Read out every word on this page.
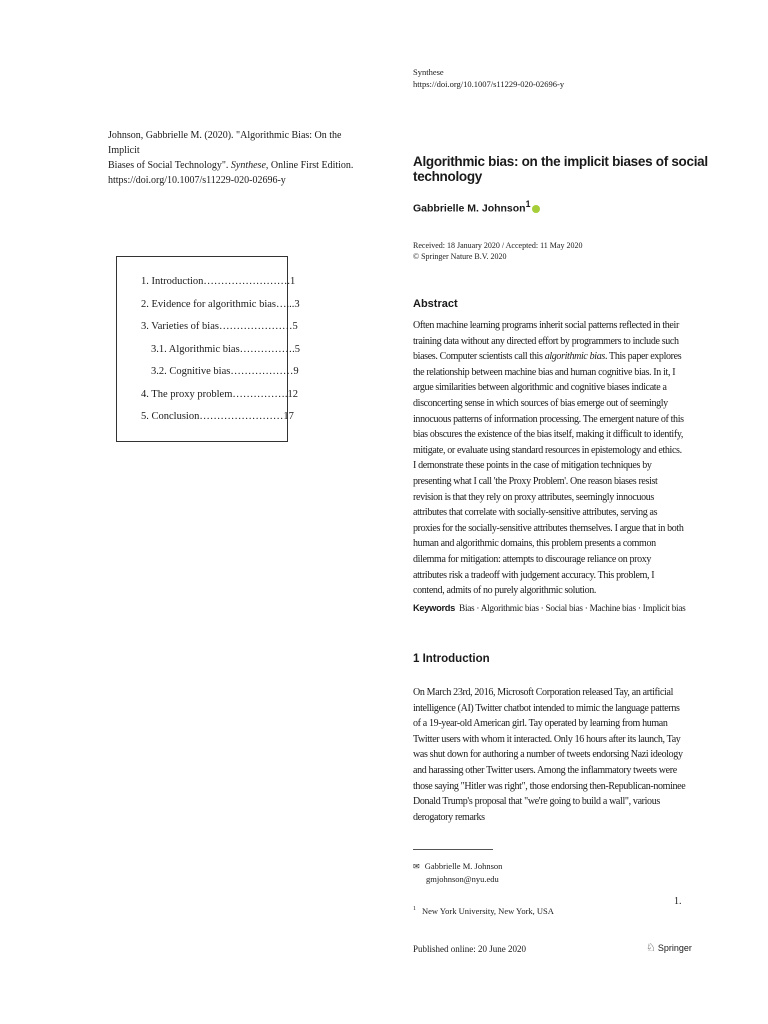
Synthese
https://doi.org/10.1007/s11229-020-02696-y
Johnson, Gabbrielle M. (2020). "Algorithmic Bias: On the Implicit
Biases of Social Technology". Synthese, Online First Edition.
https://doi.org/10.1007/s11229-020-02696-y
1. Introduction…………………….1
2. Evidence for algorithmic bias…...3
3. Varieties of bias…………………5
3.1. Algorithmic bias…………….5
3.2. Cognitive bias………………9
4. The proxy problem…………….12
5. Conclusion……………………17
Algorithmic bias: on the implicit biases of social technology
Gabbrielle M. Johnson$^1$
Received: 18 January 2020 / Accepted: 11 May 2020
© Springer Nature B.V. 2020
Abstract
Often machine learning programs inherit social patterns reflected in their training data without any directed effort by programmers to include such biases. Computer scientists call this algorithmic bias. This paper explores the relationship between machine bias and human cognitive bias. In it, I argue similarities between algorithmic and cognitive biases indicate a disconcerting sense in which sources of bias emerge out of seemingly innocuous patterns of information processing. The emergent nature of this bias obscures the existence of the bias itself, making it difficult to identify, mitigate, or evaluate using standard resources in epistemology and ethics. I demonstrate these points in the case of mitigation techniques by presenting what I call 'the Proxy Problem'. One reason biases resist revision is that they rely on proxy attributes, seemingly innocuous attributes that correlate with socially-sensitive attributes, serving as proxies for the socially-sensitive attributes themselves. I argue that in both human and algorithmic domains, this problem presents a common dilemma for mitigation: attempts to discourage reliance on proxy attributes risk a tradeoff with judgement accuracy. This problem, I contend, admits of no purely algorithmic solution.
Keywords Bias · Algorithmic bias · Social bias · Machine bias · Implicit bias
1 Introduction
On March 23rd, 2016, Microsoft Corporation released Tay, an artificial intelligence (AI) Twitter chatbot intended to mimic the language patterns of a 19-year-old American girl. Tay operated by learning from human Twitter users with whom it interacted. Only 16 hours after its launch, Tay was shut down for authoring a number of tweets endorsing Nazi ideology and harassing other Twitter users. Among the inflammatory tweets were those saying "Hitler was right", those endorsing then-Republican-nominee Donald Trump's proposal that "we're going to build a wall", various derogatory remarks
✉ Gabbrielle M. Johnson
gmjohnson@nyu.edu
$^1$ New York University, New York, USA
1.
Published online: 20 June 2020	♘ Springer
